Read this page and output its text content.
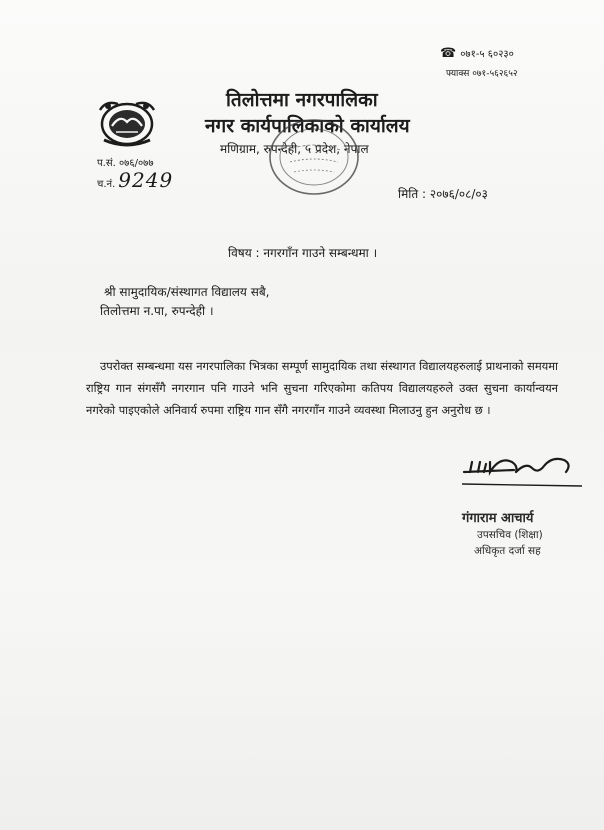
☎ ०७१-५ ६०२३०
फ्याक्स ०७१-५६२६५२
तिलोत्तमा नगरपालिका
नगर कार्यपालिकाको कार्यालय
मणिग्राम, रुपन्देही, ५ प्रदेश, नेपाल
प.सं. ०७६/०७७
च.नं. 9249
मिति : २०७६/०८/०३
विषय : नगरगाँन गाउने सम्बन्धमा ।
श्री सामुदायिक/संस्थागत विद्यालय सबै,
तिलोत्तमा न.पा, रुपन्देही ।
उपरोक्त सम्बन्धमा यस नगरपालिका भित्रका सम्पूर्ण सामुदायिक तथा संस्थागत विद्यालयहरुलाई प्राथनाको समयमा राष्ट्रिय गान संगसँगै नगरगान पनि गाउने भनि सुचना गरिएकोमा कतिपय विद्यालयहरुले उक्त सुचना कार्यान्वयन नगरेको पाइएकोले अनिवार्य रुपमा राष्ट्रिय गान सँगै नगरगाँन गाउने व्यवस्था मिलाउनु हुन अनुरोध छ ।
गंगाराम आचार्य
उपसचिव (शिक्षा)
अधिकृत दर्जा सह
